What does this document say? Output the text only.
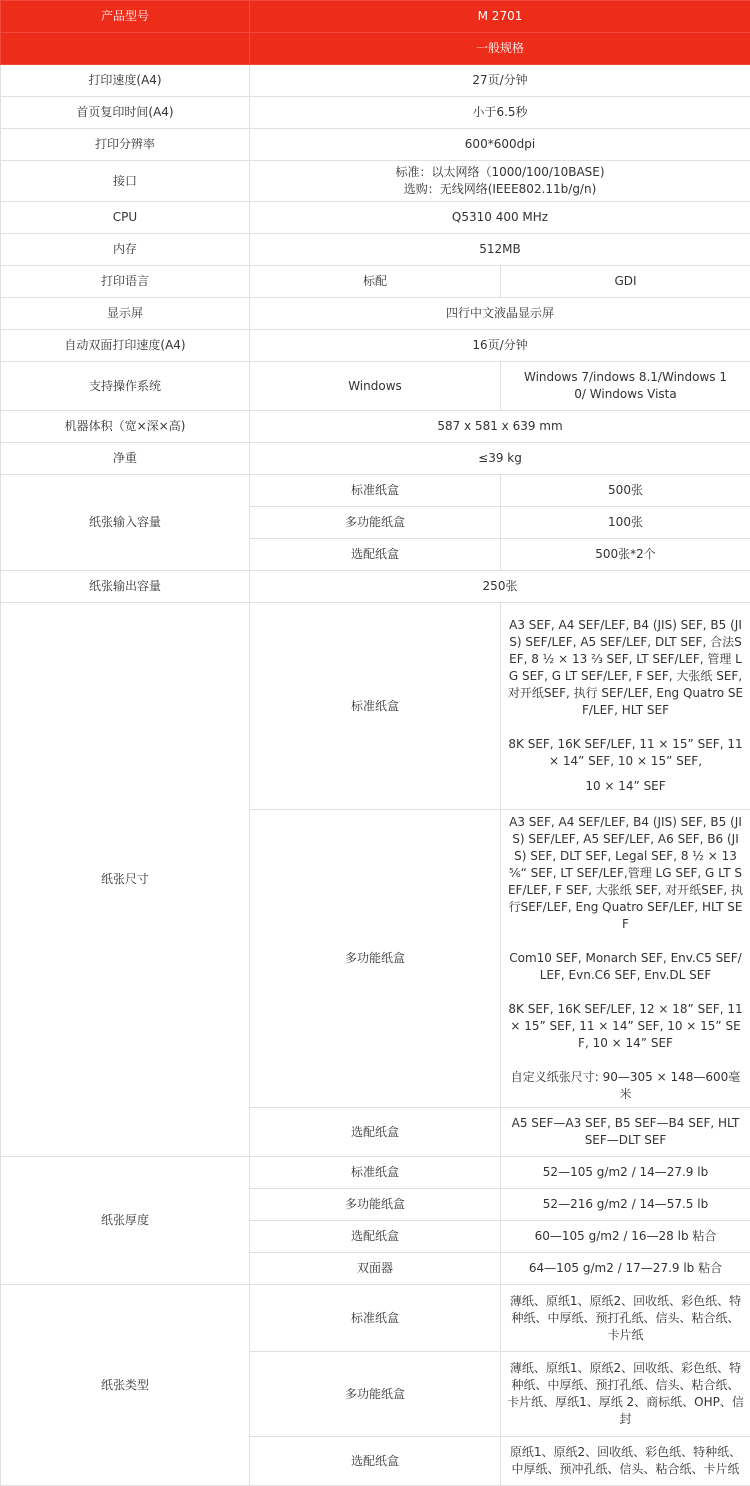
产品型号	M 2701	
	一般规格	
打印速度(A4)	27页/分钟	
首页复印时间(A4)	小于6.5秒	
打印分辨率	600*600dpi	
接口	标准：以太网络（1000/100/10BASE)
选购：无线网络(IEEE802.11b/g/n)	

CPU	Q5310 400 MHz	
内存	512MB	
打印语言	标配	GDI
显示屏	四行中文液晶显示屏	
自动双面打印速度(A4)	16页/分钟	
支持操作系统	Windows	Windows 7/indows 8.1/Windows 10/ Windows Vista
机器体积（宽×深×高)	587 x 581 x 639 mm	
净重	≤39 kg	
纸张输入容量	标准纸盒	500张
	多功能纸盒	100张
	选配纸盒	500张*2个
纸张输出容量	250张	
纸张尺寸	标准纸盒	A3 SEF, A4 SEF/LEF, B4 (JIS) SEF, B5 (JIS) SEF/LEF, A5 SEF/LEF, DLT SEF, 合法SEF, 8 ½ × 13 ⅔ SEF, LT SEF/LEF, 管理 LG SEF, G LT SEF/LEF, F SEF, 大张纸 SEF, 对开纸SEF, 执行 SEF/LEF, Eng Quatro SEF/LEF, HLT SEF

8K SEF, 16K SEF/LEF, 11 × 15” SEF, 11 × 14” SEF, 10 × 15” SEF,

10 × 14” SEF

	多功能纸盒	A3 SEF, A4 SEF/LEF, B4 (JIS) SEF, B5 (JIS) SEF/LEF, A5 SEF/LEF, A6 SEF, B6 (JIS) SEF, DLT SEF, Legal SEF, 8 ½ × 13 ⅚“ SEF, LT SEF/LEF,管理 LG SEF, G LT SEF/LEF, F SEF, 大张纸 SEF, 对开纸SEF, 执行SEF/LEF, Eng Quatro SEF/LEF, HLT SEF

Com10 SEF, Monarch SEF, Env.C5 SEF/ LEF, Evn.C6 SEF, Env.DL SEF

8K SEF, 16K SEF/LEF, 12 × 18” SEF, 11 × 15” SEF, 11 × 14” SEF, 10 × 15” SEF, 10 × 14” SEF

自定义纸张尺寸: 90—305 × 148—600毫米

	选配纸盒	A5 SEF—A3 SEF, B5 SEF—B4 SEF, HLT SEF—DLT SEF
纸张厚度	标准纸盒	52—105 g/m2 / 14—27.9 lb
	多功能纸盒	52—216 g/m2 / 14—57.5 lb
	选配纸盒	60—105 g/m2 / 16—28 lb 粘合
	双面器	64—105 g/m2 / 17—27.9 lb 粘合
纸张类型	标准纸盒	薄纸、原纸1、原纸2、回收纸、彩色纸、特种纸、中厚纸、预打孔纸、信头、粘合纸、卡片纸
	多功能纸盒	薄纸、原纸1、原纸2、回收纸、彩色纸、特种纸、中厚纸、预打孔纸、信头、粘合纸、卡片纸、厚纸1、厚纸 2、商标纸、OHP、信封
	选配纸盒	原纸1、原纸2、回收纸、彩色纸、特种纸、中厚纸、预冲孔纸、信头、粘合纸、卡片纸
